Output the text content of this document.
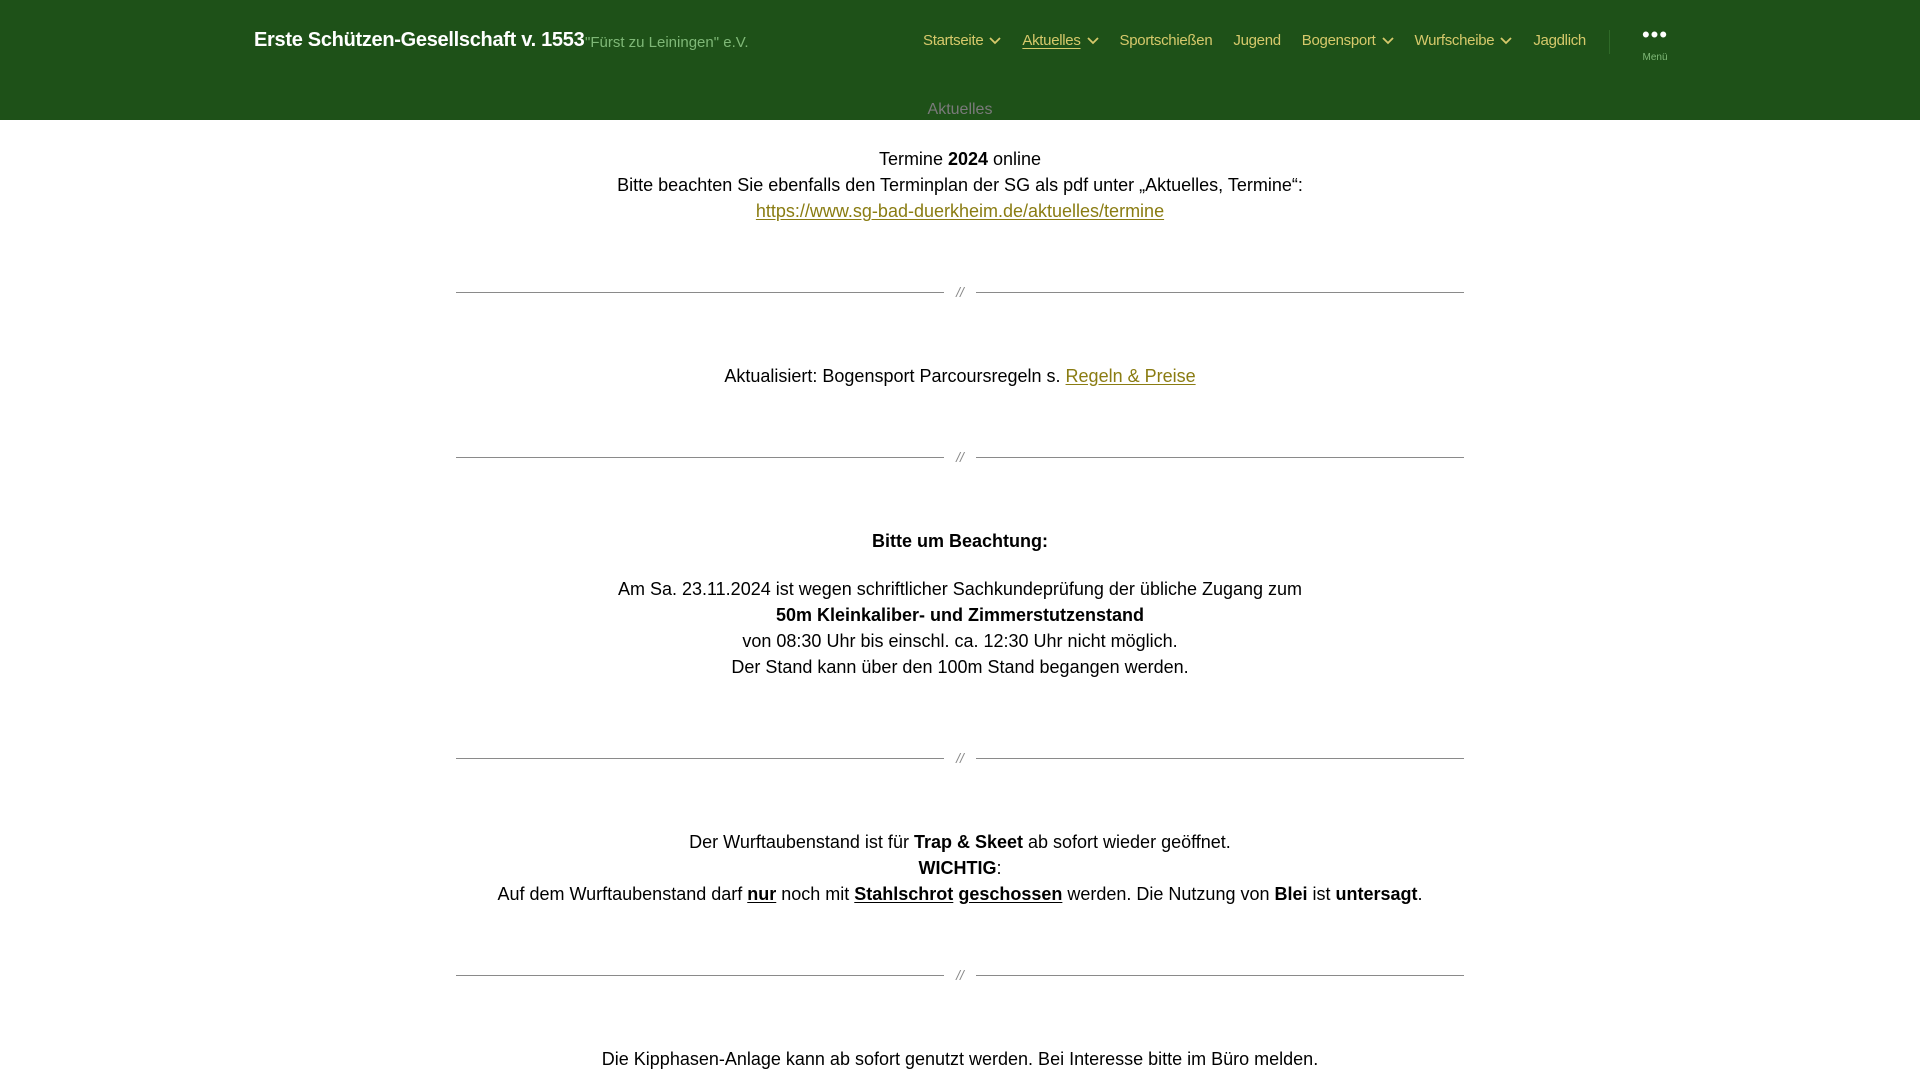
Erste Schützen-Gesellschaft v. 1553 "Fürst zu Leiningen" e.V.	Startseite	Aktuelles	Sportschießen Jugend Bogensport	Wurfscheibe	Jagdlich	•••
Menü
Aktuelles

Termine 2024 online

Bitte beachten Sie ebenfalls den Terminplan der SG als pdf unter „Aktuelles, Termine“:

https://www.sg-bad-duerkheim.de/aktuelles/termine

//

Aktualisiert: Bogensport Parcoursregeln s. Regeln & Preise

//

Bitte um Beachtung:

Am Sa. 23.11.2024 ist wegen schriftlicher Sachkundeprüfung der übliche Zugang zum

50m Kleinkaliber- und Zimmerstutzenstand

von 08:30 Uhr bis einschl. ca. 12:30 Uhr nicht möglich.

Der Stand kann über den 100m Stand begangen werden.

//

Der Wurftaubenstand ist für Trap & Skeet ab sofort wieder geöffnet.

WICHTIG:

Auf dem Wurftaubenstand darf nur noch mit Stahlschrot geschossen werden. Die Nutzung von Blei ist untersagt.

//

Die Kipphasen-Anlage kann ab sofort genutzt werden. Bei Interesse bitte im Büro melden.
